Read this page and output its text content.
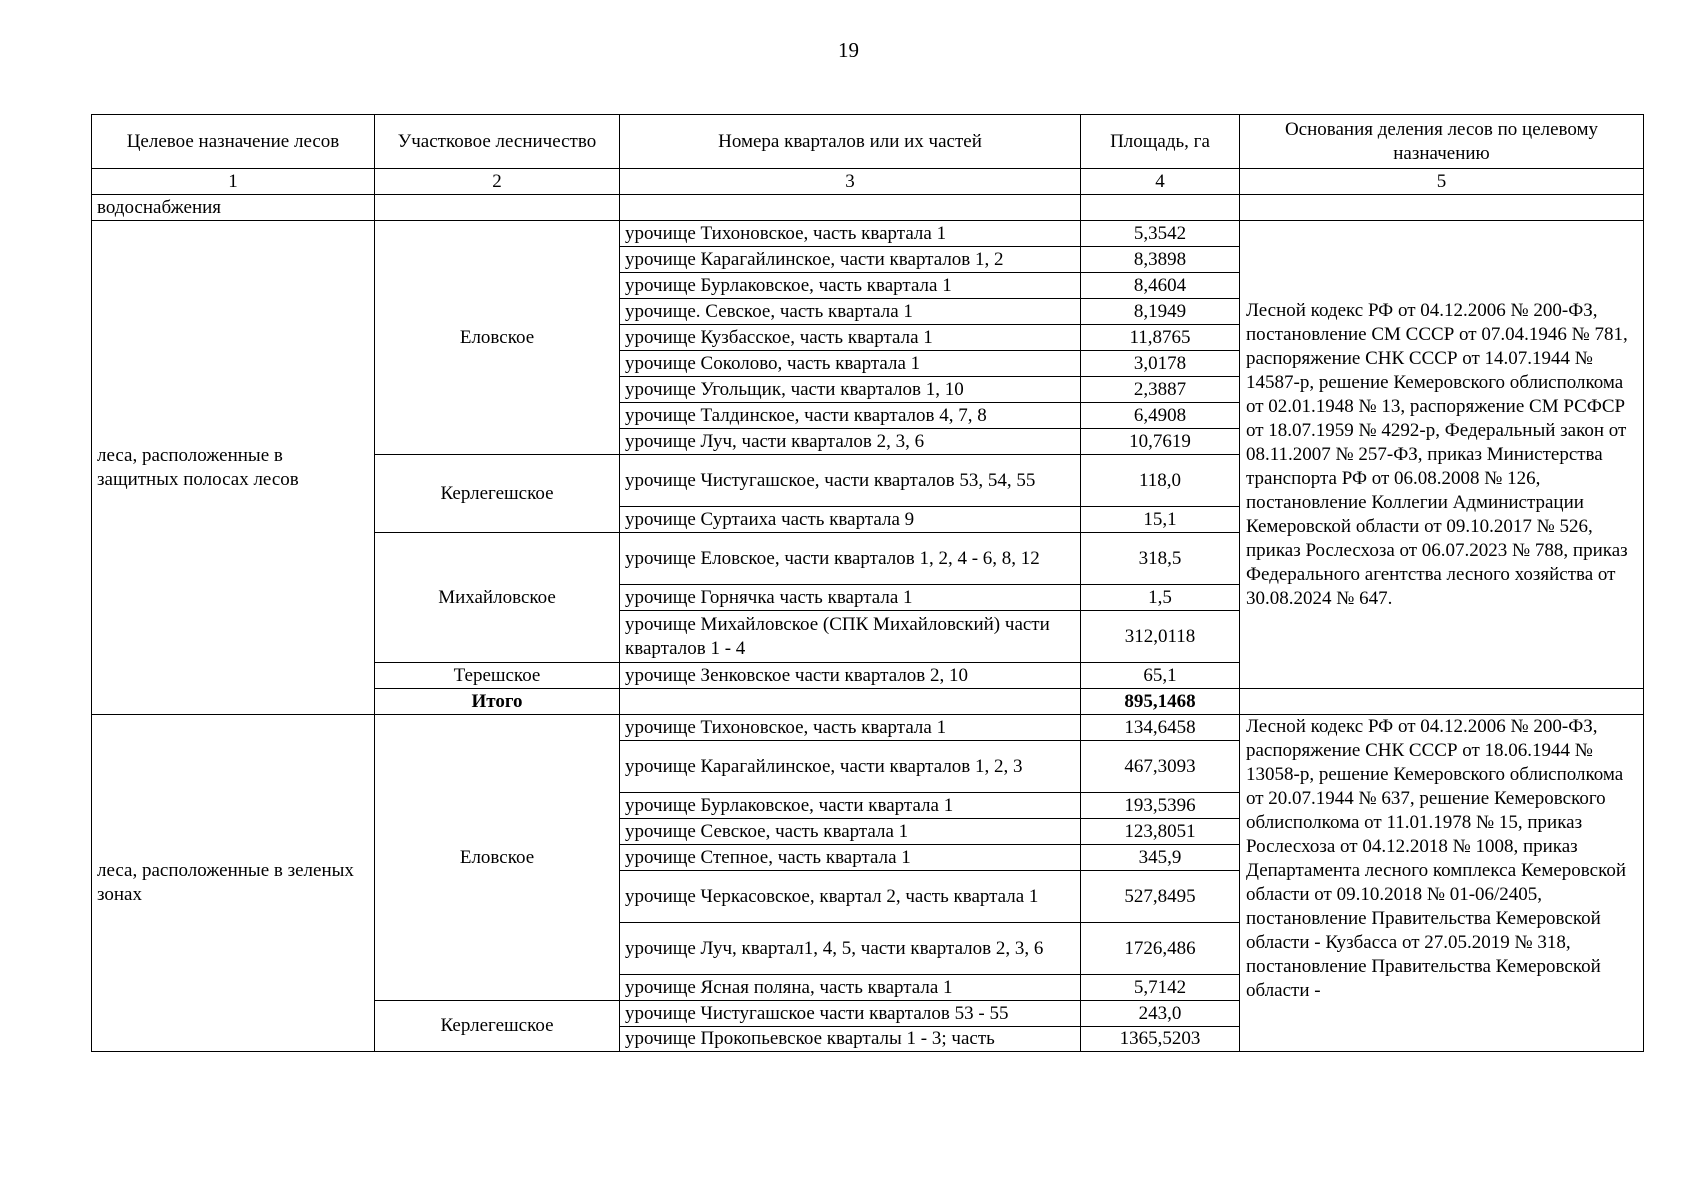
19
Целевое назначение лесов	Участковое лесничество	Номера кварталов или их частей	Площадь, га	Основания деления лесов по целевому назначению
1	2	3	4	5
водоснабжения				
леса, расположенные в защитных полосах лесов	Еловское	урочище Тихоновское, часть квартала 1	5,3542	Лесной кодекс РФ от 04.12.2006 № 200-ФЗ, постановление СМ СССР от 07.04.1946 № 781, распоряжение СНК СССР от 14.07.1944 № 14587-р, решение Кемеровского облисполкома от 02.01.1948 № 13, распоряжение СМ РСФСР от 18.07.1959 № 4292-р, Федеральный закон от 08.11.2007 № 257-ФЗ, приказ Министерства транспорта РФ от 06.08.2008 № 126, постановление Коллегии Администрации Кемеровской области от 09.10.2017 № 526, приказ Рослесхоза от 06.07.2023 № 788, приказ Федерального агентства лесного хозяйства от 30.08.2024 № 647.
		урочище Карагайлинское, части кварталов 1, 2	8,3898	
		урочище Бурлаковское, часть квартала 1	8,4604	
		урочище. Севское, часть квартала 1	8,1949	
		урочище Кузбасское, часть квартала 1	11,8765	
		урочище Соколово, часть квартала 1	3,0178	
		урочище Угольщик, части кварталов 1, 10	2,3887	
		урочище Талдинское, части кварталов 4, 7, 8	6,4908	
		урочище Луч, части кварталов 2, 3, 6	10,7619	
	Керлегешское	урочище Чистугашское, части кварталов 53, 54, 55	118,0	
		урочище Суртаиха часть квартала 9	15,1	
	Михайловское	урочище Еловское, части кварталов 1, 2, 4 - 6, 8, 12	318,5	
		урочище Горнячка часть квартала 1	1,5	
		урочище Михайловское (СПК Михайловский) части кварталов 1 - 4	312,0118	
	Терешское	урочище Зенковское части кварталов 2, 10	65,1	
	Итого		895,1468	
леса, расположенные в зеленых зонах	Еловское	урочище Тихоновское, часть квартала 1	134,6458	Лесной кодекс РФ от 04.12.2006 № 200-ФЗ, распоряжение СНК СССР от 18.06.1944 № 13058-р, решение Кемеровского облисполкома от 20.07.1944 № 637, решение Кемеровского облисполкома от 11.01.1978 № 15, приказ Рослесхоза от 04.12.2018 № 1008, приказ Департамента лесного комплекса Кемеровской области от 09.10.2018 № 01-06/2405, постановление Правительства Кемеровской области - Кузбасса от 27.05.2019 № 318, постановление Правительства Кемеровской области -
		урочище Карагайлинское, части кварталов 1, 2, 3	467,3093	
		урочище Бурлаковское, части квартала 1	193,5396	
		урочище Севское, часть квартала 1	123,8051	
		урочище Степное, часть квартала 1	345,9	
		урочище Черкасовское, квартал 2, часть квартала 1	527,8495	
		урочище Луч, квартал1, 4, 5, части кварталов 2, 3, 6	1726,486	
		урочище Ясная поляна, часть квартала 1	5,7142	
	Керлегешское	урочище Чистугашское части кварталов 53 - 55	243,0	
		урочище Прокопьевское кварталы 1 - 3; часть	1365,5203	
